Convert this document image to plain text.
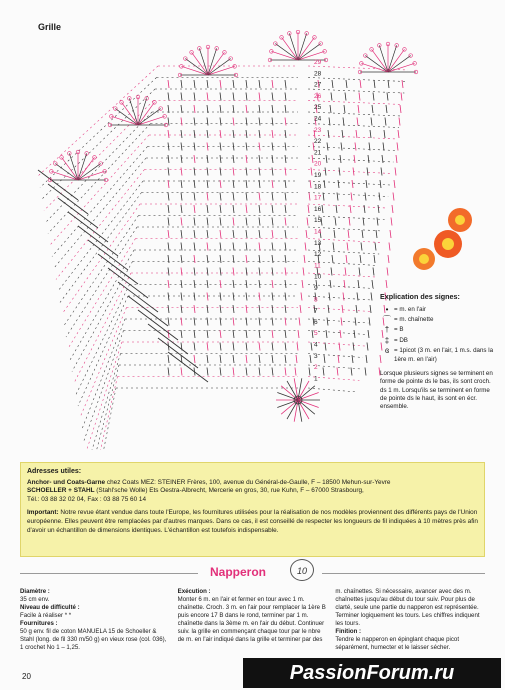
Grille
29
28
27
26
25
24
23
22
21
20
19
18
17
16
15
14
13
12
11
10
9
8
7
6
5
4
3
2
1
Explication des signes:
• = m. en l'air
⌒ = m. chaînette
† = B
‡ = DB
ɞ = 1picot (3 m. en l'air, 1 m.s. dans la 1ère m. en l'air)
Lorsque plusieurs signes se terminent en forme de pointe ds le bas, ils sont croch. ds 1 m. Lorsqu'ils se terminent en forme de pointe ds le haut, ils sont en écr. ensemble.
Adresses utiles:
Anchor- und Coats-Garne chez Coats MEZ: STEINER Frères, 100, avenue du Général-de-Gaulle, F – 18500 Mehun-sur-Yevre
SCHOELLER + STAHL (Stahl'sche Wolle) Ets Oestra-Albrecht, Mercerie en gros, 30, rue Kuhn, F – 67000 Strasbourg,
Tél.: 03 88 32 02 04, Fax : 03 88 75 60 14
Important: Notre revue étant vendue dans toute l'Europe, les fournitures utilisées pour la réalisation de nos modèles proviennent des différents pays de l'Union européenne. Elles peuvent être remplacées par d'autres marques. Dans ce cas, il est conseillé de respecter les longueurs de fil indiquées à 10 mètres près afin d'avoir un échantillon de dimensions identiques. L'échantillon est toutefois indispensable.
Napperon	10
Diamètre :
35 cm env.
Niveau de difficulté :
Facile à réaliser * *
Fournitures :
50 g env. fil de coton MANUELA 15 de Schoeller & Stahl (long. de fil 330 m/50 g) en vieux rose (col. 036), 1 crochet No 1 – 1,25.
Exécution :
Monter 6 m. en l'air et fermer en tour avec 1 m. chaînette. Croch. 3 m. en l'air pour remplacer la 1ère B puis encore 17 B dans le rond, terminer par 1 m. chaînette dans la 3ème m. en l'air du début. Continuer suiv. la grille en commençant chaque tour par le nbre de m. en l'air indiqué dans la grille et terminer par des
m. chaînettes. Si nécessaire, avancer avec des m. chaînettes jusqu'au début du tour suiv. Pour plus de clarté, seule une partie du napperon est représentée. Terminer logiquement les tours. Les chiffres indiquent les tours.
Finition :
Tendre le napperon en épinglant chaque picot séparément, humecter et le laisser sécher.
20	PassionForum.ru
